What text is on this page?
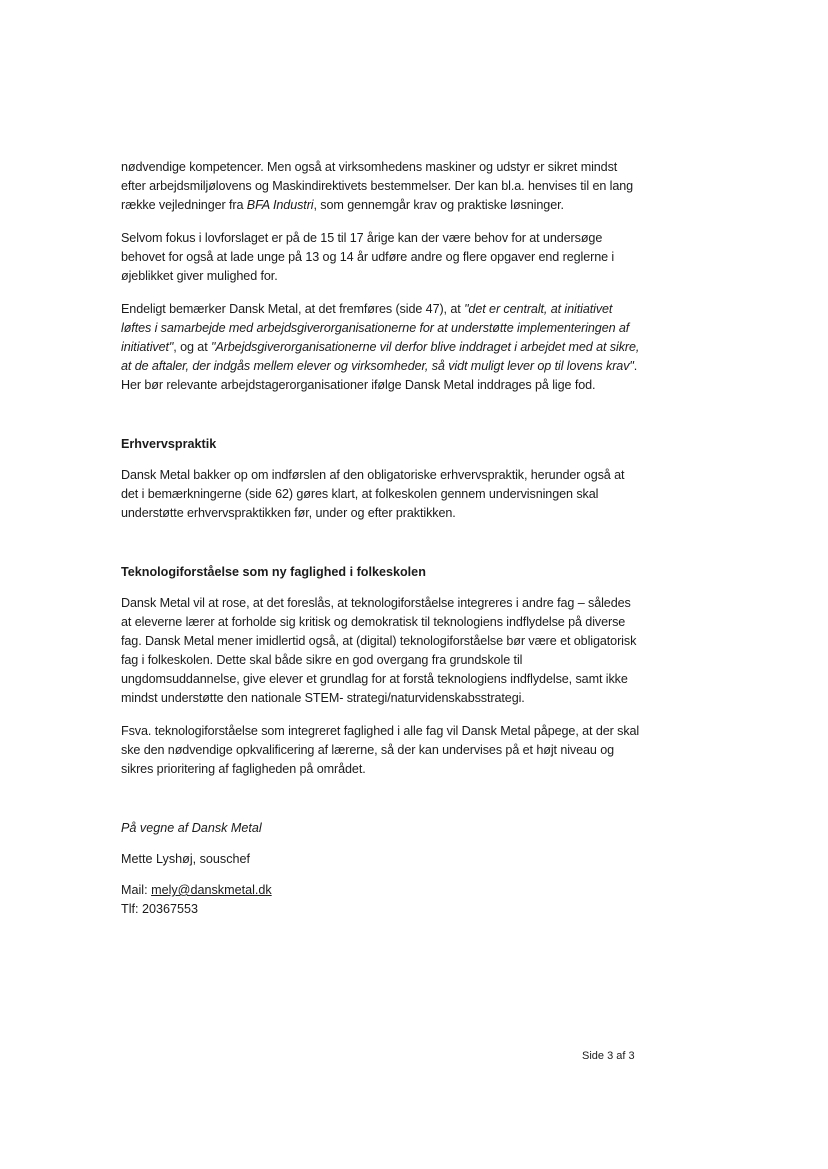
nødvendige kompetencer. Men også at virksomhedens maskiner og udstyr er sikret mindst efter arbejdsmiljølovens og Maskindirektivets bestemmelser. Der kan bl.a. henvises til en lang række vejledninger fra BFA Industri, som gennemgår krav og praktiske løsninger.

Selvom fokus i lovforslaget er på de 15 til 17 årige kan der være behov for at undersøge behovet for også at lade unge på 13 og 14 år udføre andre og flere opgaver end reglerne i øjeblikket giver mulighed for.

Endeligt bemærker Dansk Metal, at det fremføres (side 47), at "det er centralt, at initiativet løftes i samarbejde med arbejdsgiverorganisationerne for at understøtte implementeringen af initiativet", og at "Arbejdsgiverorganisationerne vil derfor blive inddraget i arbejdet med at sikre, at de aftaler, der indgås mellem elever og virksomheder, så vidt muligt lever op til lovens krav". Her bør relevante arbejdstagerorganisationer ifølge Dansk Metal inddrages på lige fod.

Erhvervspraktik

Dansk Metal bakker op om indførslen af den obligatoriske erhvervspraktik, herunder også at det i bemærkningerne (side 62) gøres klart, at folkeskolen gennem undervisningen skal understøtte erhvervspraktikken før, under og efter praktikken.

Teknologiforståelse som ny faglighed i folkeskolen

Dansk Metal vil at rose, at det foreslås, at teknologiforståelse integreres i andre fag – således at eleverne lærer at forholde sig kritisk og demokratisk til teknologiens indflydelse på diverse fag. Dansk Metal mener imidlertid også, at (digital) teknologiforståelse bør være et obligatorisk fag i folkeskolen. Dette skal både sikre en god overgang fra grundskole til ungdomsuddannelse, give elever et grundlag for at forstå teknologiens indflydelse, samt ikke mindst understøtte den nationale STEM- strategi/naturvidenskabsstrategi.

Fsva. teknologiforståelse som integreret faglighed i alle fag vil Dansk Metal påpege, at der skal ske den nødvendige opkvalificering af lærerne, så der kan undervises på et højt niveau og sikres prioritering af fagligheden på området.

På vegne af Dansk Metal

Mette Lyshøj, souschef

Mail: mely@danskmetal.dk

Tlf: 20367553

Side 3 af 3
